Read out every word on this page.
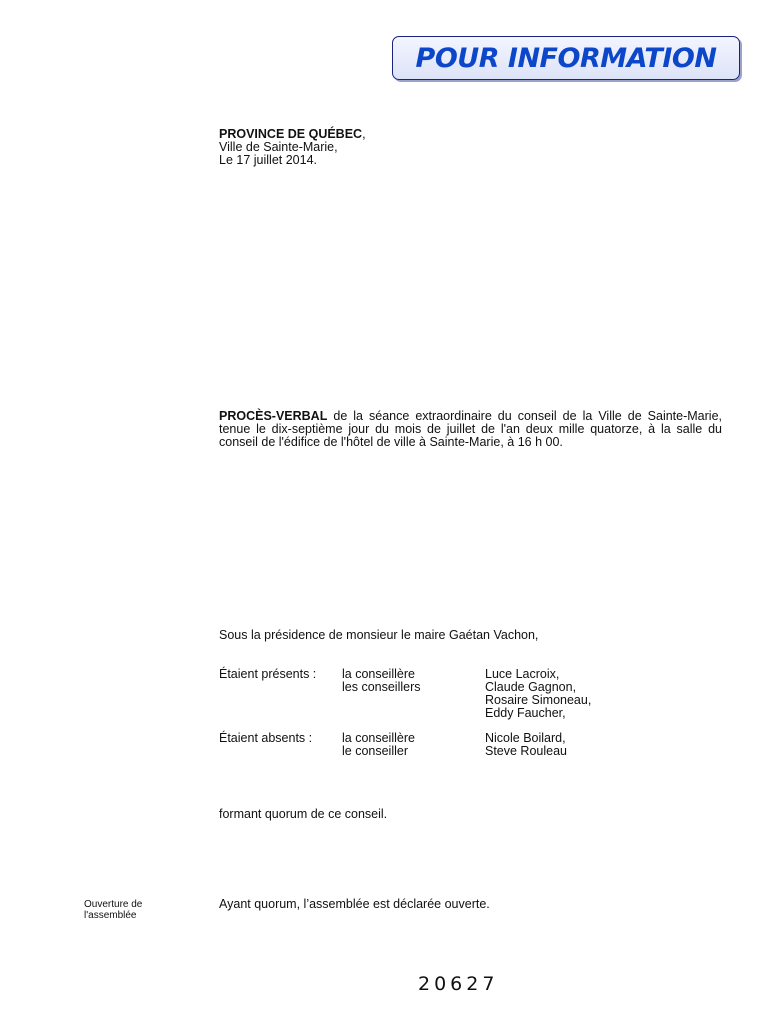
POUR INFORMATION
PROVINCE DE QUÉBEC,
Ville de Sainte-Marie,
Le 17 juillet 2014.
PROCÈS-VERBAL de la séance extraordinaire du conseil de la Ville de Sainte-Marie, tenue le dix-septième jour du mois de juillet de l'an deux mille quatorze, à la salle du conseil de l'édifice de l'hôtel de ville à Sainte-Marie, à 16 h 00.
Sous la présidence de monsieur le maire Gaétan Vachon,
Étaient présents : la conseillère
les conseillers
Luce Lacroix,
Claude Gagnon,
Rosaire Simoneau,
Eddy Faucher,
Étaient absents : la conseillère
le conseiller
Nicole Boilard,
Steve Rouleau
formant quorum de ce conseil.
Ouverture de
l'assemblée
Ayant quorum, l’assemblée est déclarée ouverte.
20627
